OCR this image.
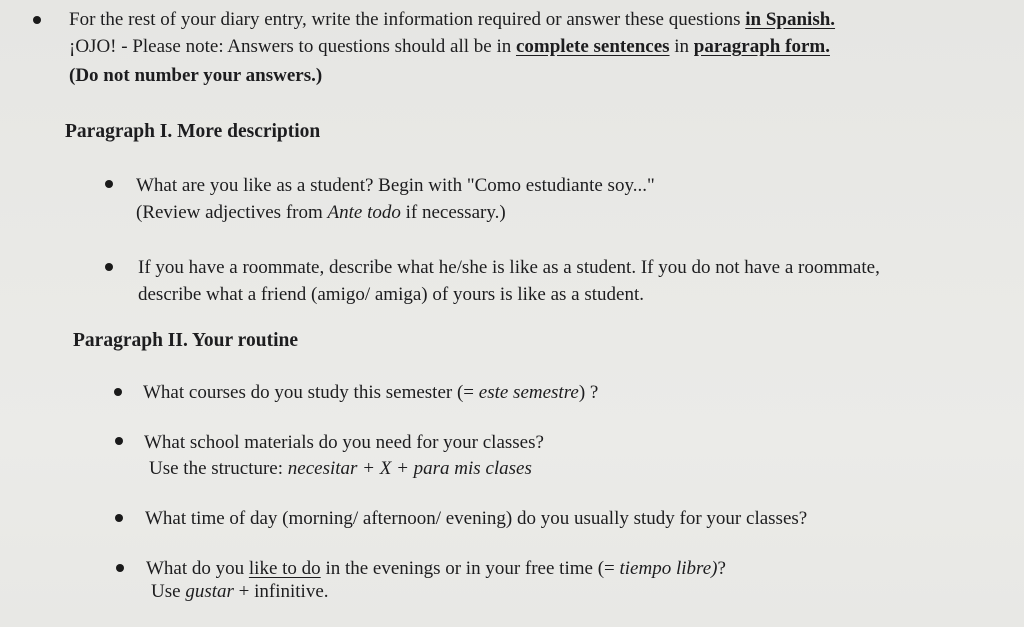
For the rest of your diary entry, write the information required or answer these questions in Spanish.
¡OJO! - Please note: Answers to questions should all be in complete sentences in paragraph form.
(Do not number your answers.)
Paragraph I. More description
What are you like as a student? Begin with "Como estudiante soy..."
(Review adjectives from Ante todo if necessary.)
If you have a roommate, describe what he/she is like as a student. If you do not have a roommate,
describe what a friend (amigo/ amiga) of yours is like as a student.
Paragraph II. Your routine
What courses do you study this semester (= este semestre) ?
What school materials do you need for your classes?
Use the structure: necesitar + X + para mis clases
What time of day (morning/ afternoon/ evening) do you usually study for your classes?
What do you like to do in the evenings or in your free time (= tiempo libre)?
Use gustar + infinitive.
